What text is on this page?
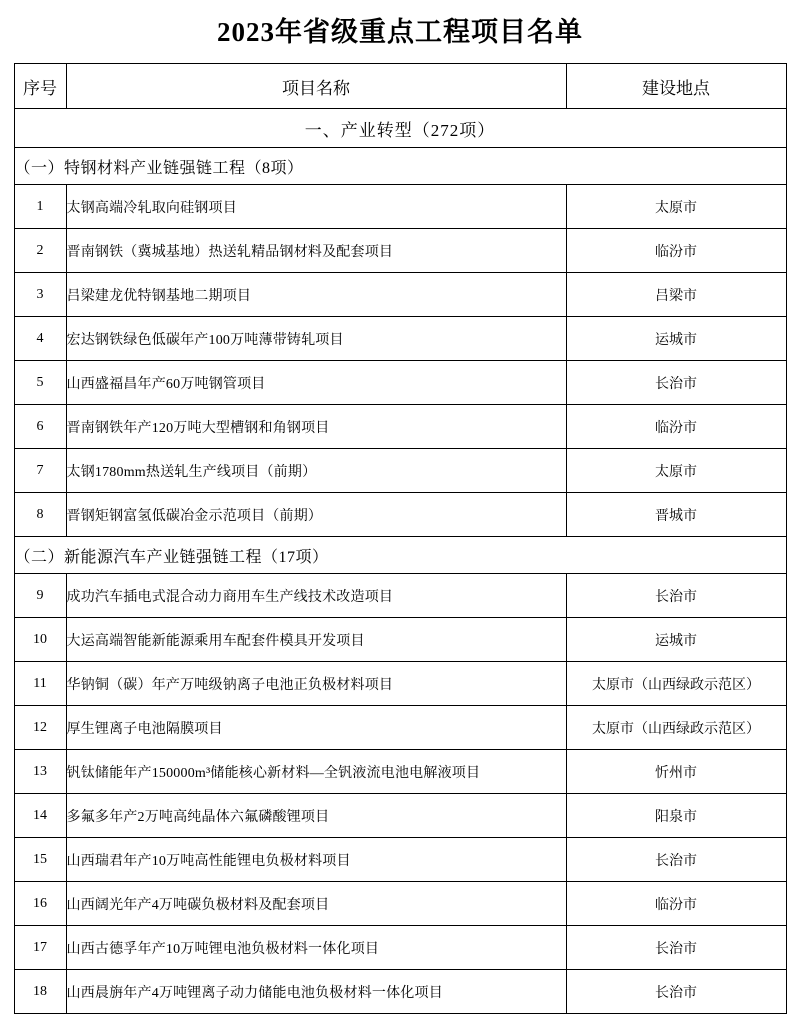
2023年省级重点工程项目名单
序号	项目名称	建设地点
一、产业转型（272项）		
（一）特钢材料产业链强链工程（8项）		
1	太钢高端冷轧取向硅钢项目	太原市
2	晋南钢铁（冀城基地）热送轧精品钢材料及配套项目	临汾市
3	吕梁建龙优特钢基地二期项目	吕梁市
4	宏达钢铁绿色低碳年产100万吨薄带铸轧项目	运城市
5	山西盛福昌年产60万吨钢管项目	长治市
6	晋南钢铁年产120万吨大型槽钢和角钢项目	临汾市
7	太钢1780mm热送轧生产线项目（前期）	太原市
8	晋钢矩钢富氢低碳冶金示范项目（前期）	晋城市
（二）新能源汽车产业链强链工程（17项）		
9	成功汽车插电式混合动力商用车生产线技术改造项目	长治市
10	大运高端智能新能源乘用车配套件模具开发项目	运城市
11	华钠铜（碳）年产万吨级钠离子电池正负极材料项目	太原市（山西绿政示范区）
12	厚生锂离子电池隔膜项目	太原市（山西绿政示范区）
13	钒钛储能年产150000m³储能核心新材料—全钒液流电池电解液项目	忻州市
14	多氟多年产2万吨高纯晶体六氟磷酸锂项目	阳泉市
15	山西瑞君年产10万吨高性能锂电负极材料项目	长治市
16	山西阔光年产4万吨碳负极材料及配套项目	临汾市
17	山西古德孚年产10万吨锂电池负极材料一体化项目	长治市
18	山西晨旃年产4万吨锂离子动力储能电池负极材料一体化项目	长治市
